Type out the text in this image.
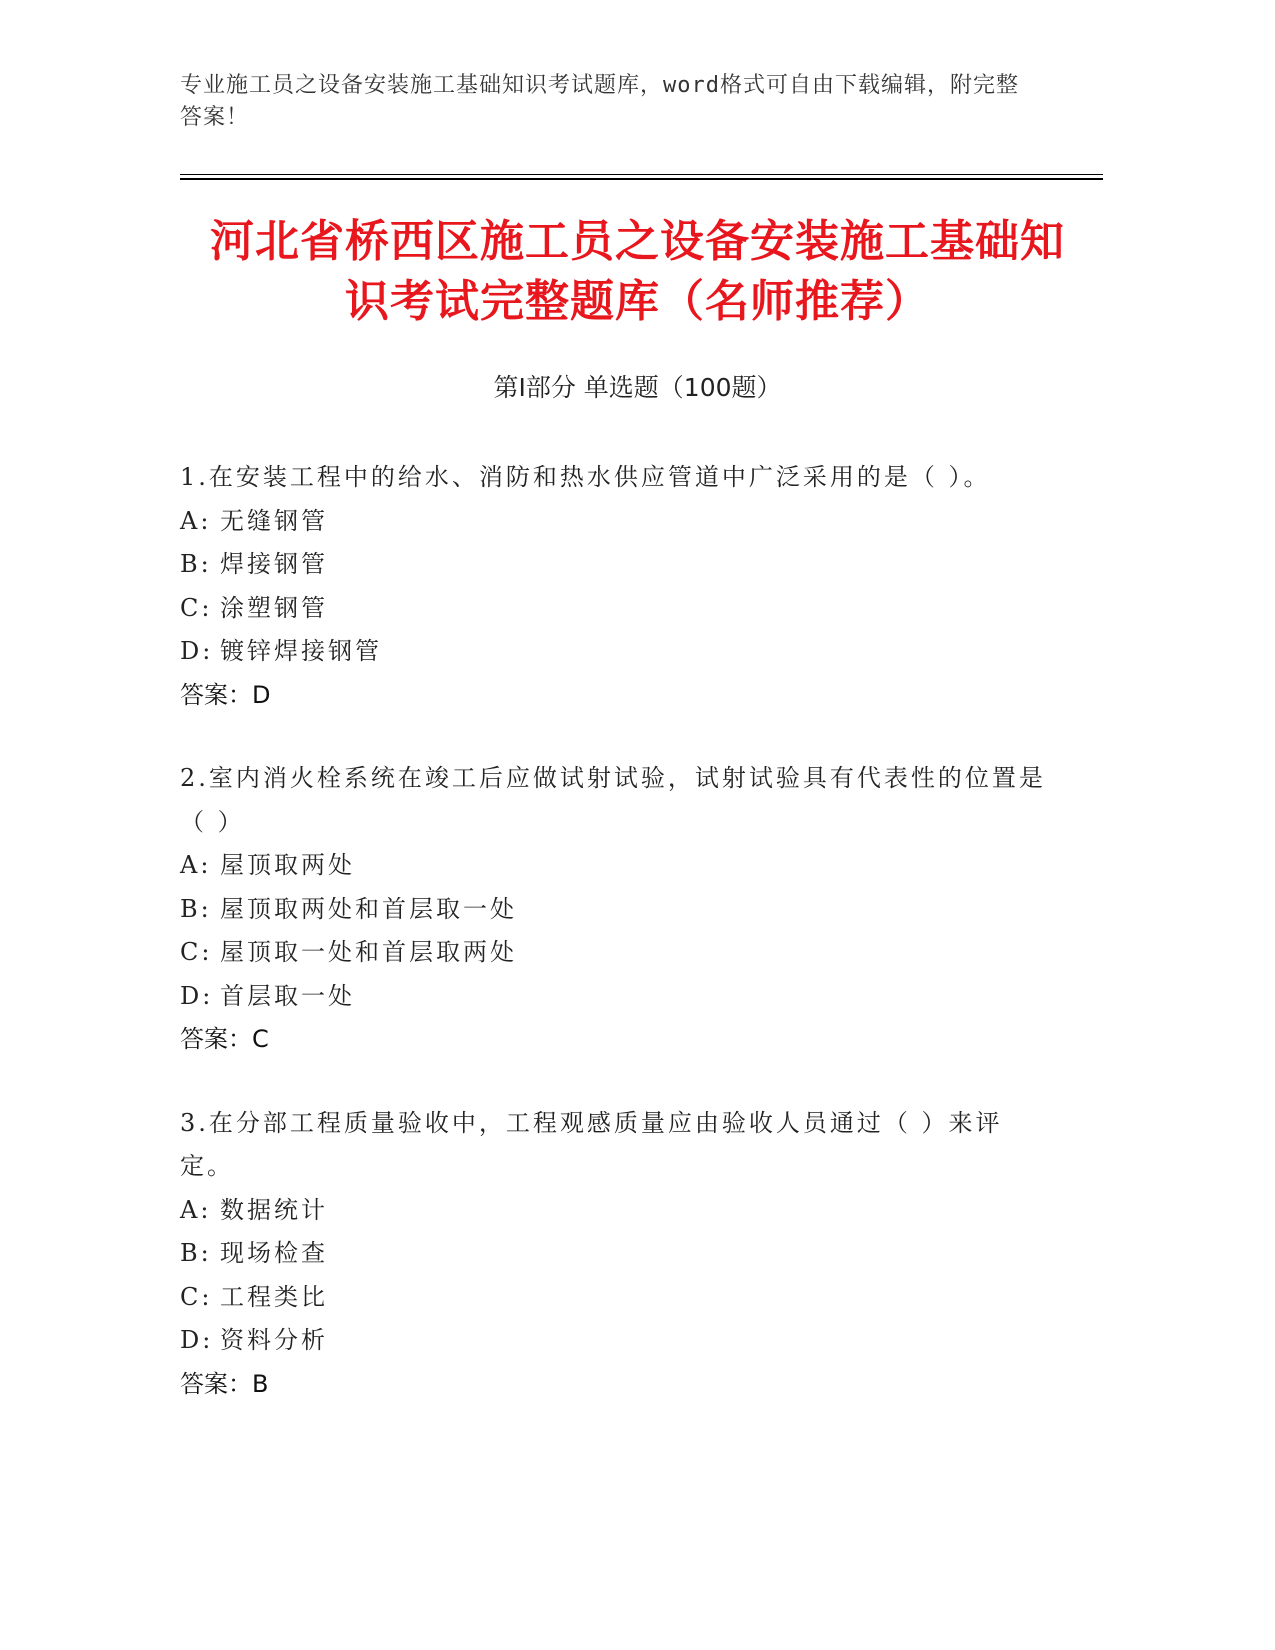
专业施工员之设备安装施工基础知识考试题库，word格式可自由下载编辑，附完整答案！
河北省桥西区施工员之设备安装施工基础知
识考试完整题库（名师推荐）
第Ⅰ部分 单选题（100题）
1.在安装工程中的给水、消防和热水供应管道中广泛采用的是（ ）。
A: 无缝钢管
B: 焊接钢管
C: 涂塑钢管
D: 镀锌焊接钢管
答案：D
2.室内消火栓系统在竣工后应做试射试验，试射试验具有代表性的位置是（ ）
A: 屋顶取两处
B: 屋顶取两处和首层取一处
C: 屋顶取一处和首层取两处
D: 首层取一处
答案：C
3.在分部工程质量验收中，工程观感质量应由验收人员通过（ ）来评定。
A: 数据统计
B: 现场检查
C: 工程类比
D: 资料分析
答案：B
